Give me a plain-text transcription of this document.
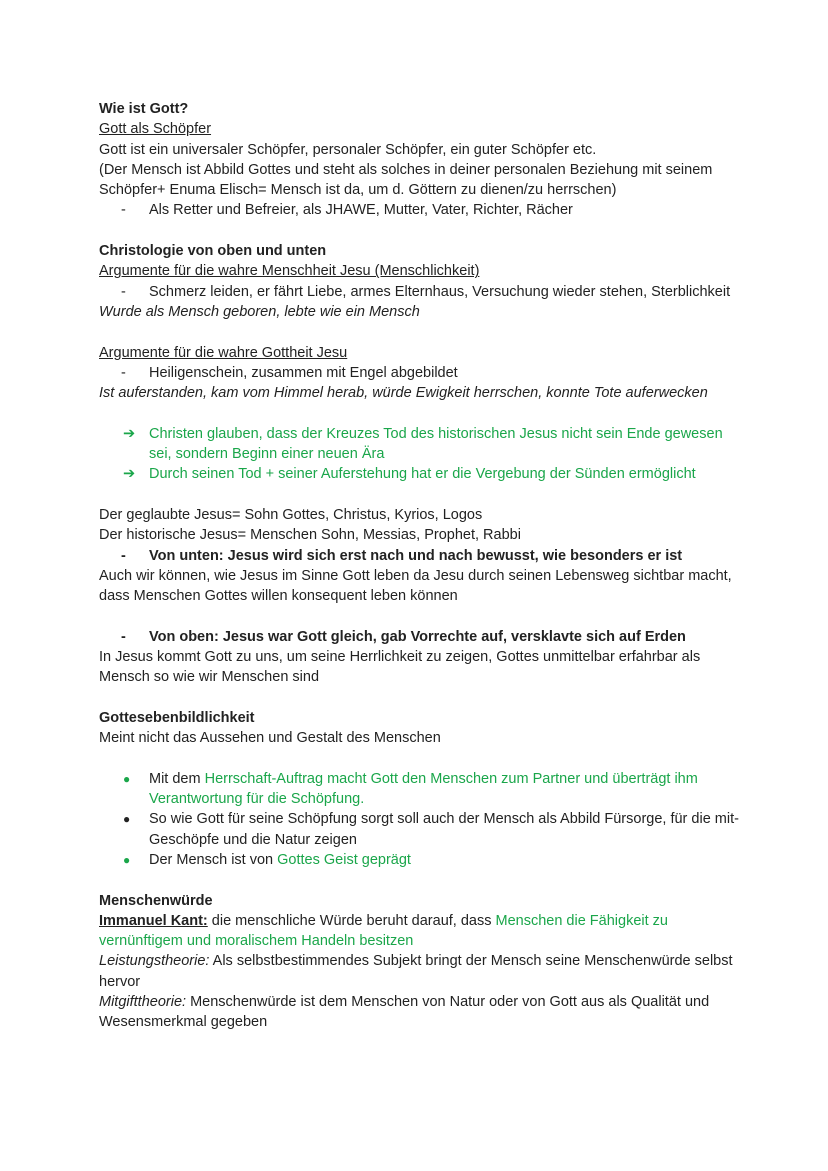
Wie ist Gott?

Gott als Schöpfer

Gott ist ein universaler Schöpfer, personaler Schöpfer, ein guter Schöpfer etc.

(Der Mensch ist Abbild Gottes und steht als solches in deiner personalen Beziehung mit seinem Schöpfer+ Enuma Elisch= Mensch ist da, um d. Göttern zu dienen/zu herrschen)

- Als Retter und Befreier, als JHAWE, Mutter, Vater, Richter, Rächer

Christologie von oben und unten

Argumente für die wahre Menschheit Jesu (Menschlichkeit)

- Schmerz leiden, er fährt Liebe, armes Elternhaus, Versuchung wieder stehen, Sterblichkeit

Wurde als Mensch geboren, lebte wie ein Mensch

Argumente für die wahre Gottheit Jesu

- Heiligenschein, zusammen mit Engel abgebildet

Ist auferstanden, kam vom Himmel herab, würde Ewigkeit herrschen, konnte Tote auferwecken

➔ Christen glauben, dass der Kreuzes Tod des historischen Jesus nicht sein Ende gewesen sei, sondern Beginn einer neuen Ära
➔ Durch seinen Tod + seiner Auferstehung hat er die Vergebung der Sünden ermöglicht

Der geglaubte Jesus= Sohn Gottes, Christus, Kyrios, Logos

Der historische Jesus= Menschen Sohn, Messias, Prophet, Rabbi

- Von unten: Jesus wird sich erst nach und nach bewusst, wie besonders er ist

Auch wir können, wie Jesus im Sinne Gott leben da Jesu durch seinen Lebensweg sichtbar macht, dass Menschen Gottes willen konsequent leben können

- Von oben: Jesus war Gott gleich, gab Vorrechte auf, versklavte sich auf Erden

In Jesus kommt Gott zu uns, um seine Herrlichkeit zu zeigen, Gottes unmittelbar erfahrbar als Mensch so wie wir Menschen sind

Gottesebenbildlichkeit

Meint nicht das Aussehen und Gestalt des Menschen

● Mit dem Herrschaft-Auftrag macht Gott den Menschen zum Partner und überträgt ihm Verantwortung für die Schöpfung.
● So wie Gott für seine Schöpfung sorgt soll auch der Mensch als Abbild Fürsorge, für die mit-Geschöpfe und die Natur zeigen
● Der Mensch ist von Gottes Geist geprägt

Menschenwürde

Immanuel Kant: die menschliche Würde beruht darauf, dass Menschen die Fähigkeit zu vernünftigem und moralischem Handeln besitzen

Leistungstheorie: Als selbstbestimmendes Subjekt bringt der Mensch seine Menschenwürde selbst hervor

Mitgifttheorie: Menschenwürde ist dem Menschen von Natur oder von Gott aus als Qualität und Wesensmerkmal gegeben
